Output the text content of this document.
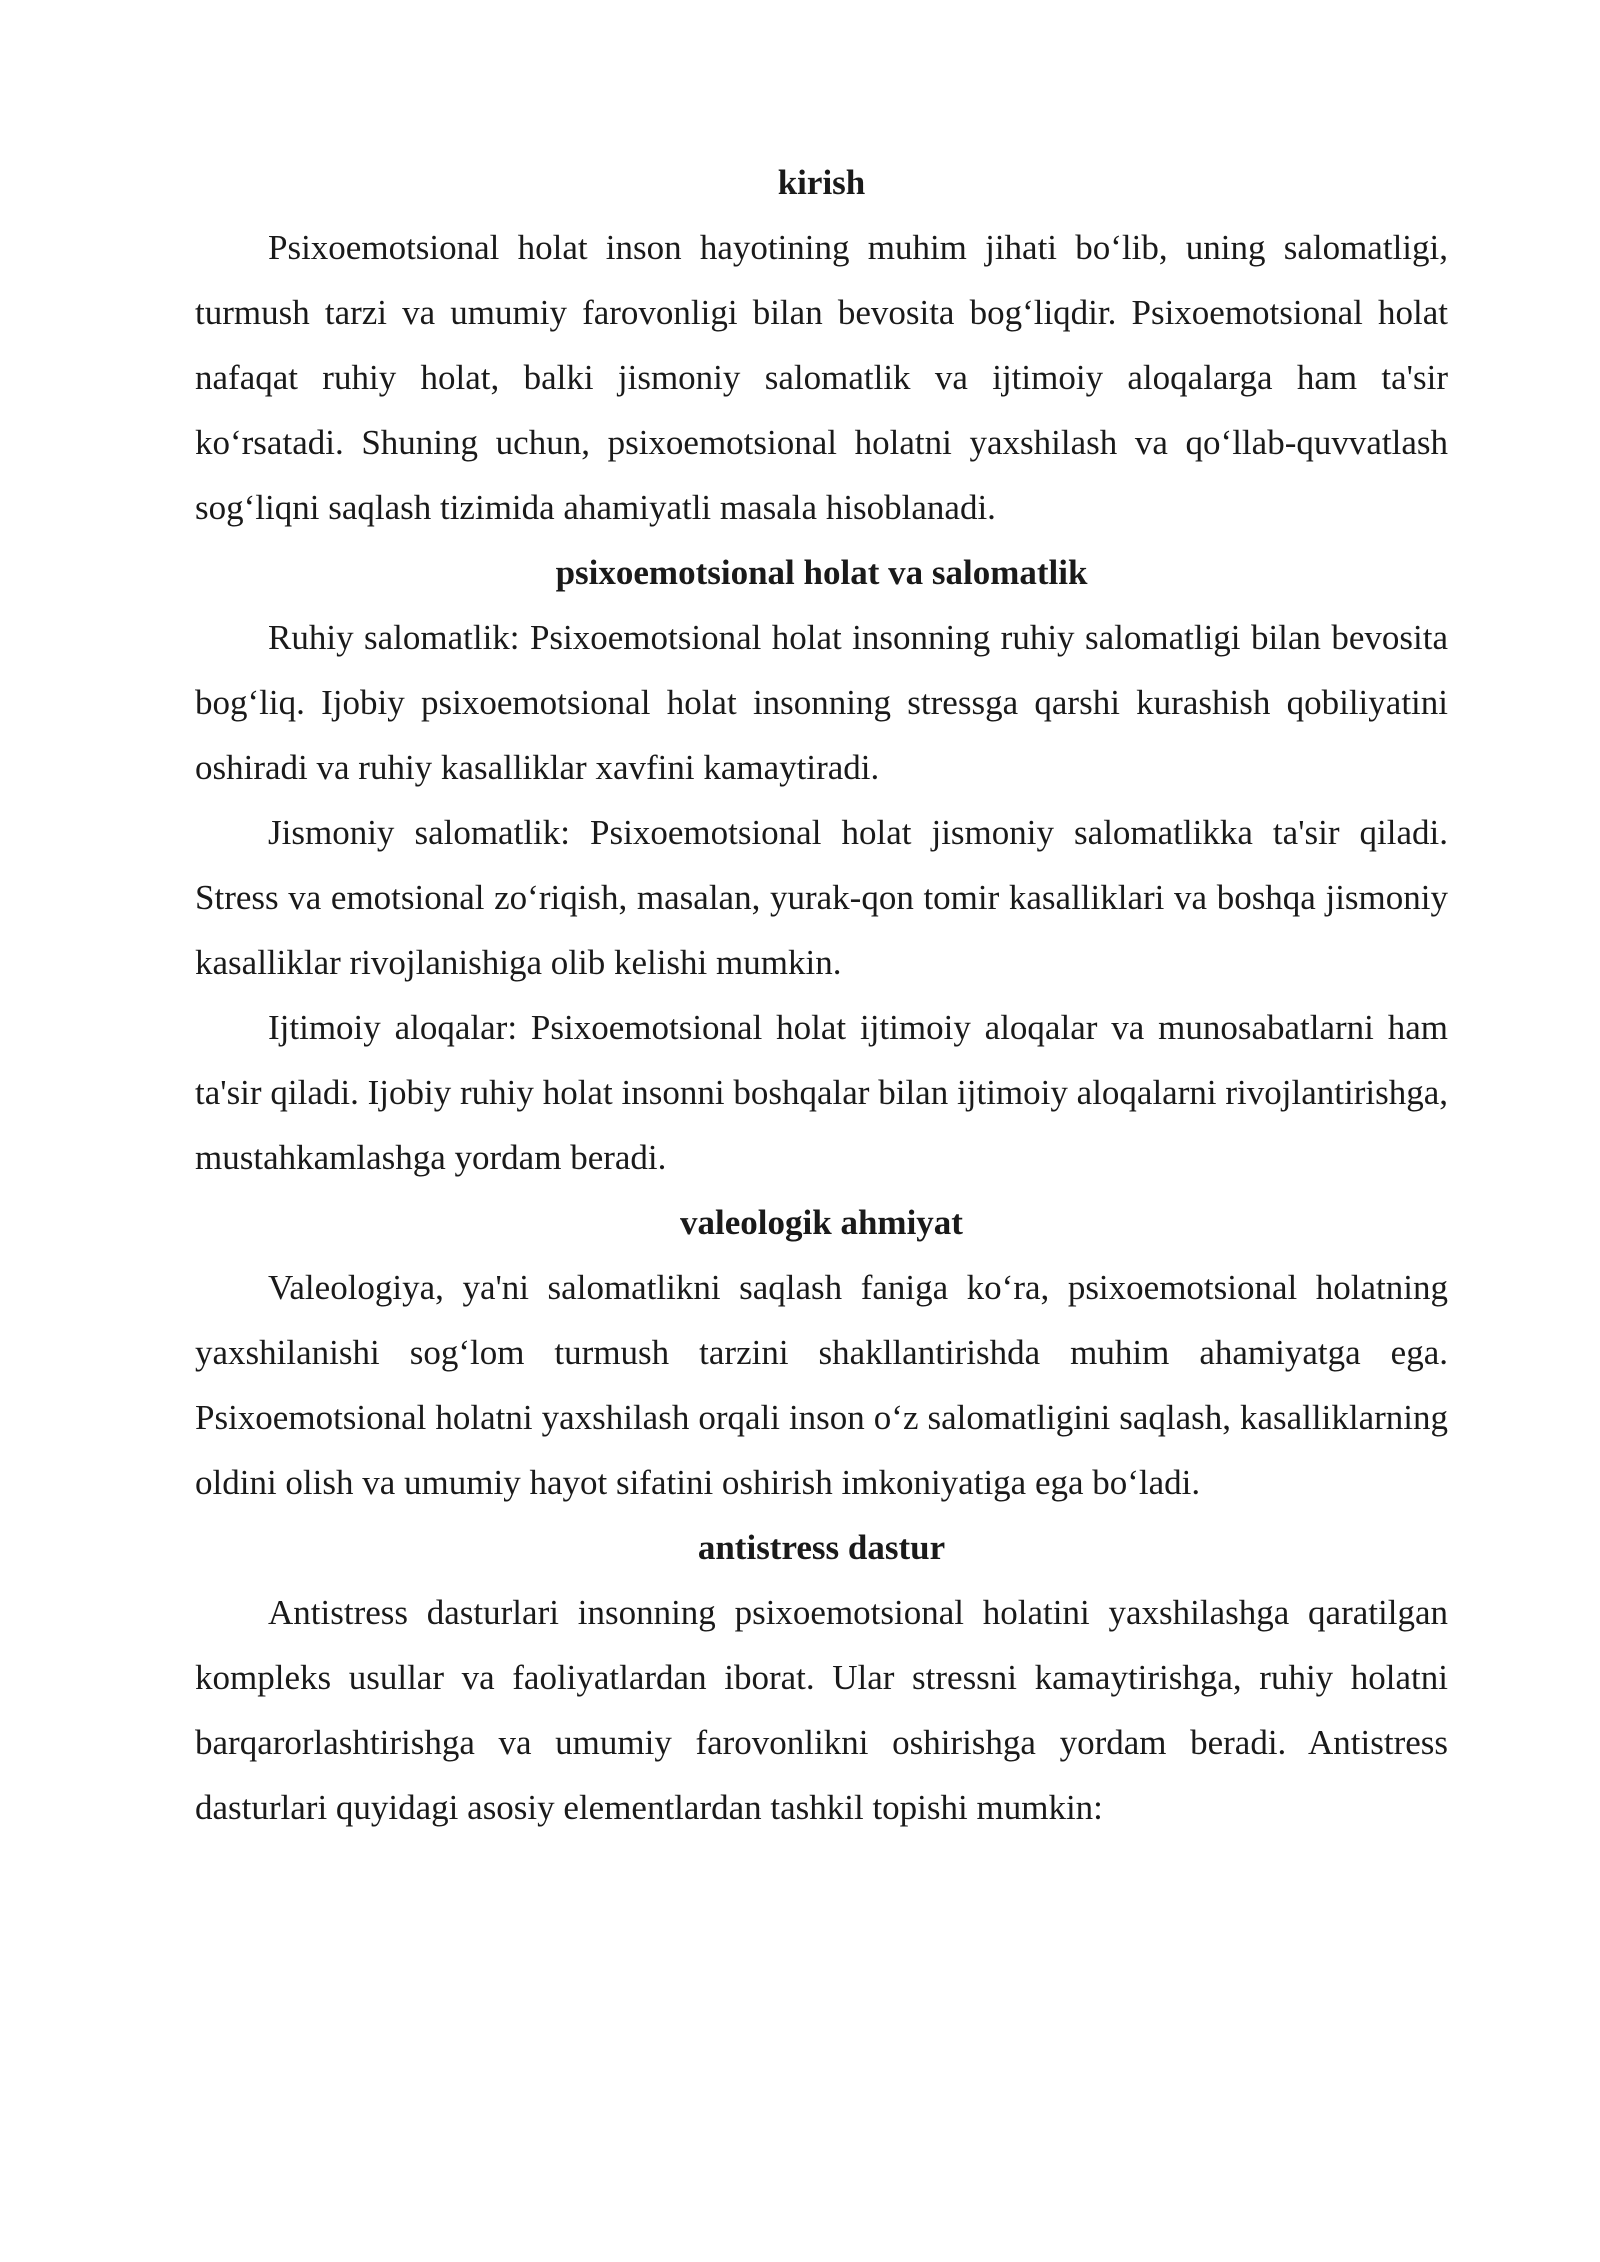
kirish

Psixoemotsional holat inson hayotining muhim jihati bo‘lib, uning salomatligi, turmush tarzi va umumiy farovonligi bilan bevosita bog‘liqdir. Psixoemotsional holat nafaqat ruhiy holat, balki jismoniy salomatlik va ijtimoiy aloqalarga ham ta'sir ko‘rsatadi. Shuning uchun, psixoemotsional holatni yaxshilash va qo‘llab-quvvatlash sog‘liqni saqlash tizimida ahamiyatli masala hisoblanadi.

psixoemotsional holat va salomatlik

Ruhiy salomatlik: Psixoemotsional holat insonning ruhiy salomatligi bilan bevosita bog‘liq. Ijobiy psixoemotsional holat insonning stressga qarshi kurashish qobiliyatini oshiradi va ruhiy kasalliklar xavfini kamaytiradi.

Jismoniy salomatlik: Psixoemotsional holat jismoniy salomatlikka ta'sir qiladi. Stress va emotsional zo‘riqish, masalan, yurak-qon tomir kasalliklari va boshqa jismoniy kasalliklar rivojlanishiga olib kelishi mumkin.

Ijtimoiy aloqalar: Psixoemotsional holat ijtimoiy aloqalar va munosabatlarni ham ta'sir qiladi. Ijobiy ruhiy holat insonni boshqalar bilan ijtimoiy aloqalarni rivojlantirishga, mustahkamlashga yordam beradi.

valeologik ahmiyat

Valeologiya, ya'ni salomatlikni saqlash faniga ko‘ra, psixoemotsional holatning yaxshilanishi sog‘lom turmush tarzini shakllantirishda muhim ahamiyatga ega. Psixoemotsional holatni yaxshilash orqali inson o‘z salomatligini saqlash, kasalliklarning oldini olish va umumiy hayot sifatini oshirish imkoniyatiga ega bo‘ladi.

antistress dastur

Antistress dasturlari insonning psixoemotsional holatini yaxshilashga qaratilgan kompleks usullar va faoliyatlardan iborat. Ular stressni kamaytirishga, ruhiy holatni barqarorlashtirishga va umumiy farovonlikni oshirishga yordam beradi. Antistress dasturlari quyidagi asosiy elementlardan tashkil topishi mumkin:
